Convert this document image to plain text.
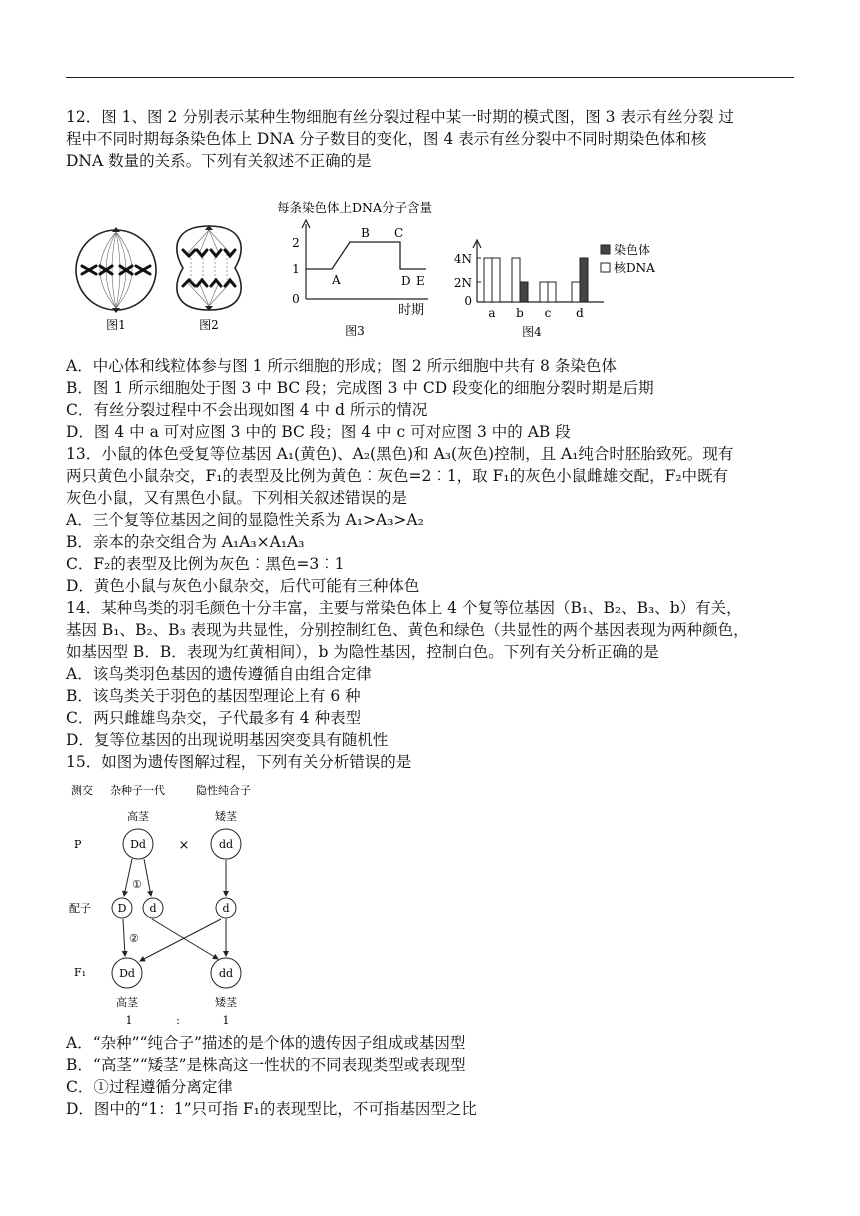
12．图 1、图 2 分别表示某种生物细胞有丝分裂过程中某一时期的模式图，图 3 表示有丝分裂 过
程中不同时期每条染色体上 DNA 分子数目的变化，图 4 表示有丝分裂中不同时期染色体和核
DNA 数量的关系。下列有关叙述不正确的是
图1	图2
每条染色体上DNA分子含量
2
1
0
A
B C
D E
时期
图3
4N
2N
0
a b c d
染色体
核DNA
图4
A．中心体和线粒体参与图 1 所示细胞的形成；图 2 所示细胞中共有 8 条染色体
B．图 1 所示细胞处于图 3 中 BC 段；完成图 3 中 CD 段变化的细胞分裂时期是后期
C．有丝分裂过程中不会出现如图 4 中 d 所示的情况
D．图 4 中 a 可对应图 3 中的 BC 段；图 4 中 c 可对应图 3 中的 AB 段
13．小鼠的体色受复等位基因 A₁(黄色)、A₂(黑色)和 A₃(灰色)控制，且 A₁纯合时胚胎致死。现有
两只黄色小鼠杂交，F₁的表型及比例为黄色︰灰色=2︰1，取 F₁的灰色小鼠雌雄交配，F₂中既有
灰色小鼠，又有黑色小鼠。下列相关叙述错误的是
A．三个复等位基因之间的显隐性关系为 A₁>A₃>A₂
B．亲本的杂交组合为 A₁A₃×A₁A₃
C．F₂的表型及比例为灰色︰黑色=3︰1
D．黄色小鼠与灰色小鼠杂交，后代可能有三种体色
14．某种鸟类的羽毛颜色十分丰富，主要与常染色体上 4 个复等位基因（B₁、B₂、B₃、b）有关，
基因 B₁、B₂、B₃ 表现为共显性，分别控制红色、黄色和绿色（共显性的两个基因表现为两种颜色，
如基因型 B．B．表现为红黄相间），b 为隐性基因，控制白色。下列有关分析正确的是
A．该鸟类羽色基因的遗传遵循自由组合定律
B．该鸟类关于羽色的基因型理论上有 6 种
C．两只雌雄鸟杂交，子代最多有 4 种表型
D．复等位基因的出现说明基因突变具有随机性
15．如图为遗传图解过程，下列有关分析错误的是
测交 杂种子一代	隐性纯合子
高茎	矮茎
P
配子
F₁
×
Dd	dd
D d	d
Dd	dd
①
②
高茎	矮茎
1	:	1
A．“杂种”“纯合子”描述的是个体的遗传因子组成或基因型
B．“高茎”“矮茎”是株高这一性状的不同表现类型或表现型
C．①过程遵循分离定律
D．图中的“1：1”只可指 F₁的表现型比，不可指基因型之比
